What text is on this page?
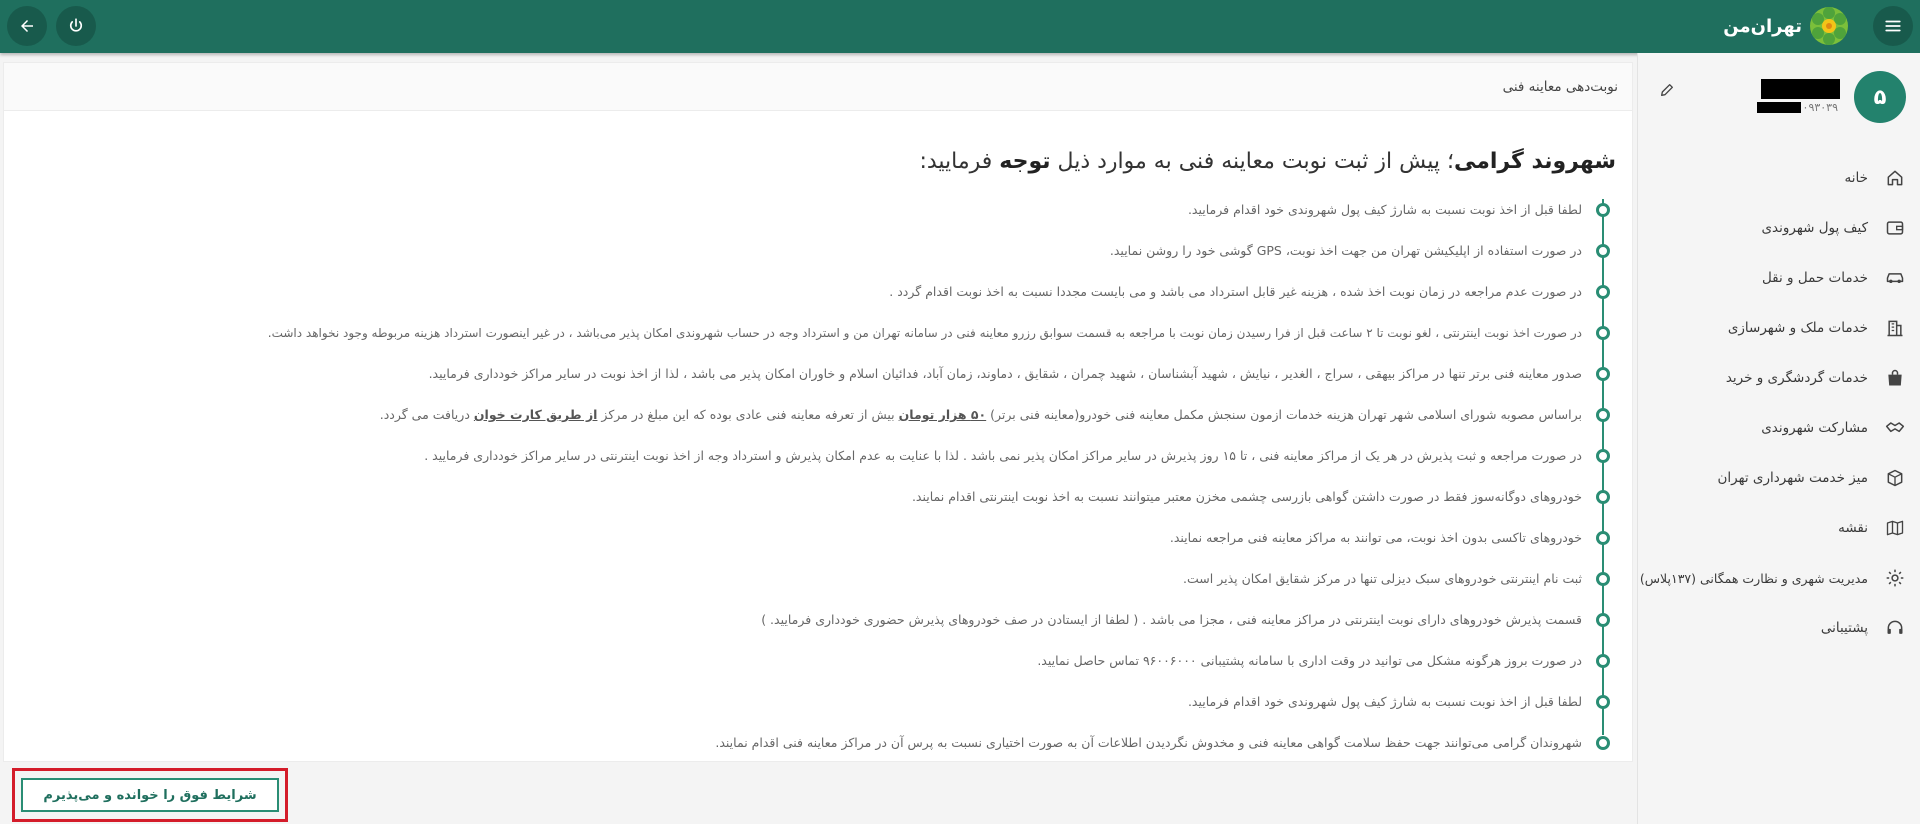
تهران‌من
۵
۰۹۳۰۳۹
خانه
کیف پول شهروندی
خدمات حمل و نقل
خدمات ملک و شهرسازی
خدمات گردشگری و خرید
مشارکت شهروندی
میز خدمت شهرداری تهران
نقشه
مدیریت شهری و نظارت همگانی (۱۳۷پلاس)
پشتیبانی
نوبت‌دهی معاینه فنی
شهروند گرامی؛ پیش از ثبت نوبت معاینه فنی به موارد ذیل توجه فرمایید:
لطفا قبل از اخذ نوبت نسبت به شارژ کیف پول شهروندی خود اقدام فرمایید.
در صورت استفاده از اپلیکیشن تهران من جهت اخذ نوبت، GPS گوشی خود را روشن نمایید.
در صورت عدم مراجعه در زمان نوبت اخذ شده ، هزینه غیر قابل استرداد می باشد و می بایست مجددا نسبت به اخذ نوبت اقدام گردد .
در صورت اخذ نوبت اینترنتی ، لغو نوبت تا ۲ ساعت قبل از فرا رسیدن زمان نوبت با مراجعه به قسمت سوابق رزرو معاینه فنی در سامانه تهران من و استرداد وجه در حساب شهروندی امکان پذیر می‌باشد ، در غیر اینصورت استرداد هزینه مربوطه وجود نخواهد داشت.
صدور معاینه فنی برتر تنها در مراکز بیهقی ، سراج ، الغدیر ، نیایش ، شهید آبشناسان ، شهید چمران ، شقایق ، دماوند، زمان آباد، فدائیان اسلام و خاوران امکان پذیر می باشد ، لذا از اخذ نوبت در سایر مراکز خودداری فرمایید.
براساس مصوبه شورای اسلامی شهر تهران هزینه خدمات ازمون سنجش مکمل معاینه فنی خودرو(معاینه فنی برتر) ۵۰ هزار تومان بیش از تعرفه معاینه فنی عادی بوده که این مبلغ در مرکز از طریق کارت خوان دریافت می گردد.
در صورت مراجعه و ثبت پذیرش در هر یک از مراکز معاینه فنی ، تا ۱۵ روز پذیرش در سایر مراکز امکان پذیر نمی باشد . لذا با عنایت به عدم امکان پذیرش و استرداد وجه از اخذ نوبت اینترنتی در سایر مراکز خودداری فرمایید .
خودروهای دوگانه‌سوز فقط در صورت داشتن گواهی بازرسی چشمی مخزن معتبر میتوانند نسبت به اخذ نوبت اینترنتی اقدام نمایند.
خودروهای تاکسی بدون اخذ نوبت، می توانند به مراکز معاینه فنی مراجعه نمایند.
ثبت نام اینترنتی خودروهای سبک دیزلی تنها در مرکز شقایق امکان پذیر است.
قسمت پذیرش خودروهای دارای نوبت اینترنتی در مراکز معاینه فنی ، مجزا می باشد . ( لطفا از ایستادن در صف خودروهای پذیرش حضوری خودداری فرمایید. )
در صورت بروز هرگونه مشکل می توانید در وقت اداری با سامانه پشتیبانی ۹۶۰۰۶۰۰۰ تماس حاصل نمایید.
لطفا قبل از اخذ نوبت نسبت به شارژ کیف پول شهروندی خود اقدام فرمایید.
شهروندان گرامی می‌توانند جهت حفظ سلامت گواهی معاینه فنی و مخدوش نگردیدن اطلاعات آن به صورت اختیاری نسبت به پرس آن در مراکز معاینه فنی اقدام نمایند.
شرایط فوق را خوانده و می‌پذیرم
